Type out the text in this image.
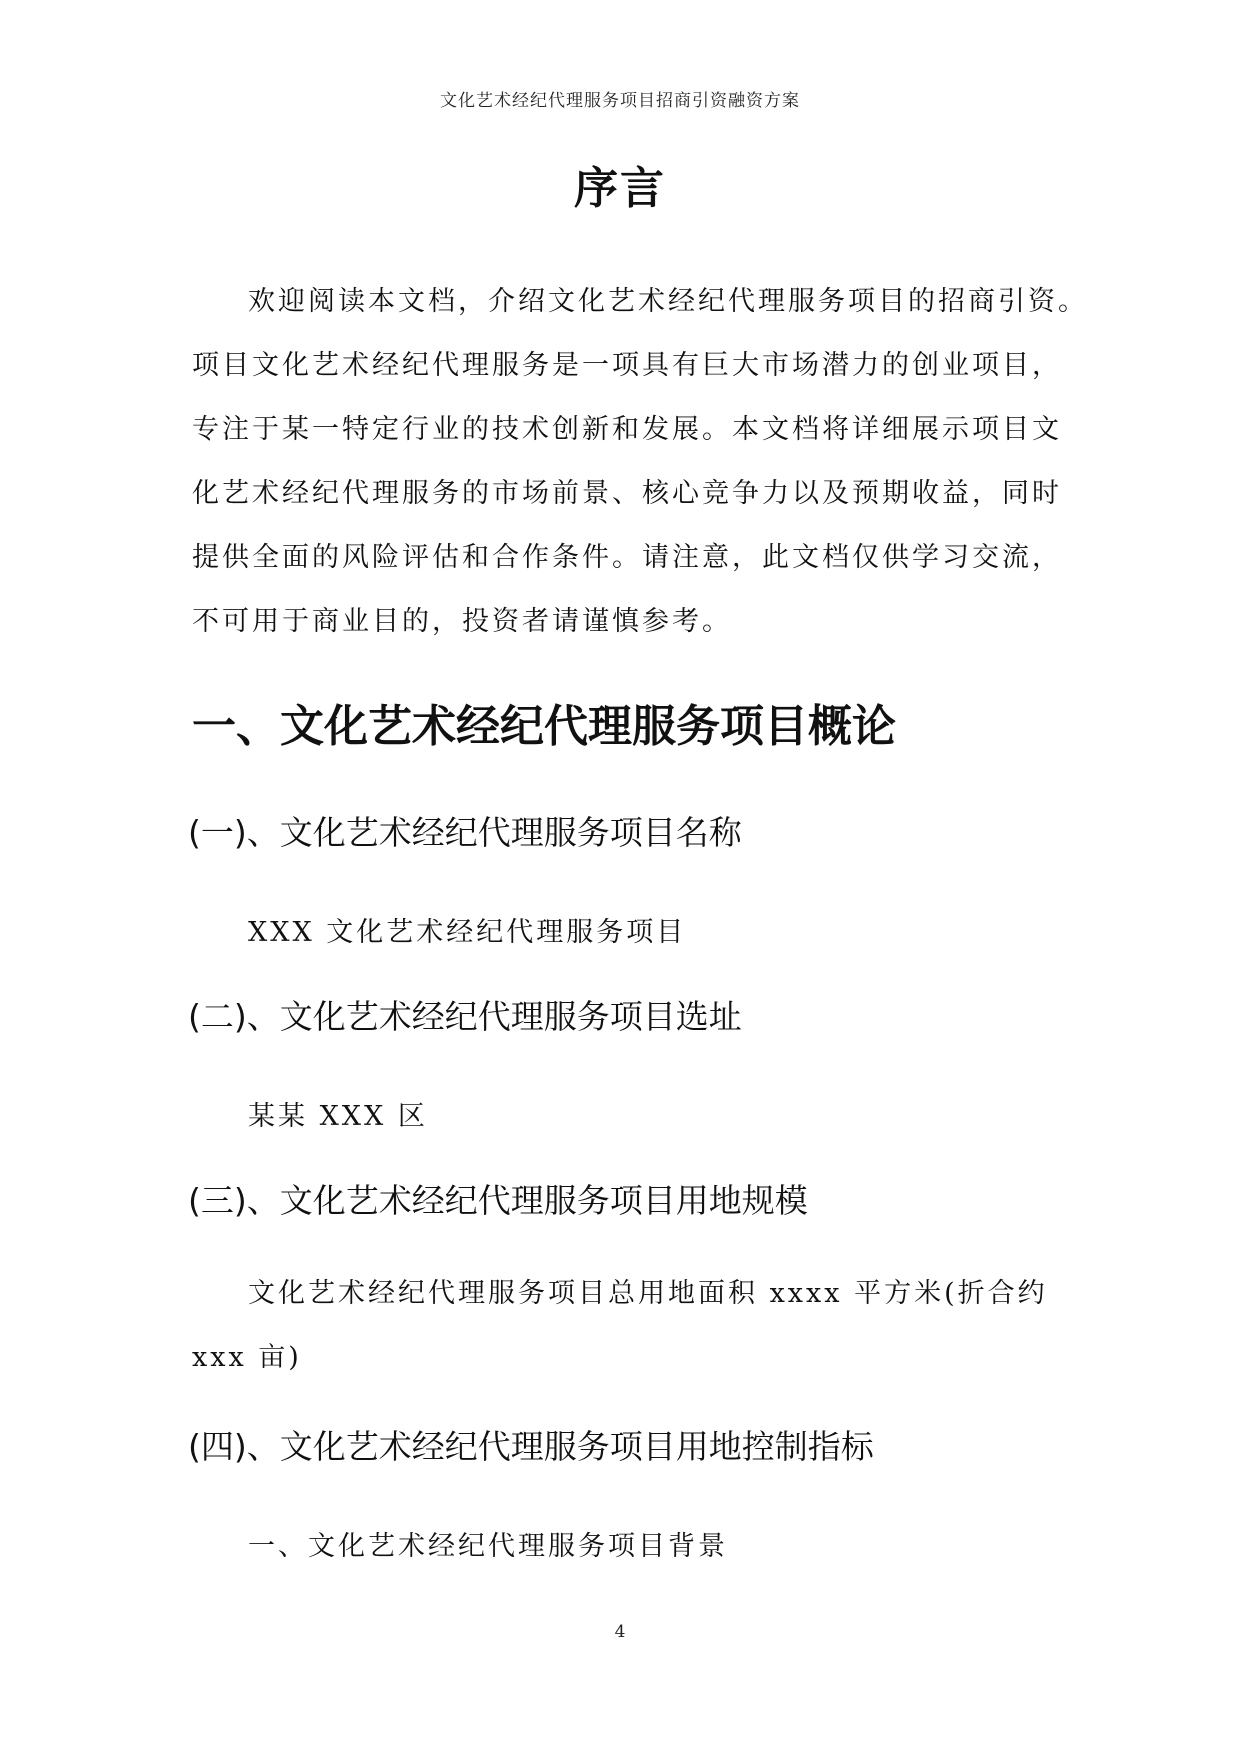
文化艺术经纪代理服务项目招商引资融资方案
序言
欢迎阅读本文档，介绍文化艺术经纪代理服务项目的招商引资。
项目文化艺术经纪代理服务是一项具有巨大市场潜力的创业项目，
专注于某一特定行业的技术创新和发展。本文档将详细展示项目文
化艺术经纪代理服务的市场前景、核心竞争力以及预期收益，同时
提供全面的风险评估和合作条件。请注意，此文档仅供学习交流，
不可用于商业目的，投资者请谨慎参考。
一、文化艺术经纪代理服务项目概论
(一)、文化艺术经纪代理服务项目名称
XXX 文化艺术经纪代理服务项目
(二)、文化艺术经纪代理服务项目选址
某某 XXX 区
(三)、文化艺术经纪代理服务项目用地规模
文化艺术经纪代理服务项目总用地面积 xxxx 平方米(折合约
xxx 亩)
(四)、文化艺术经纪代理服务项目用地控制指标
一、文化艺术经纪代理服务项目背景
4
